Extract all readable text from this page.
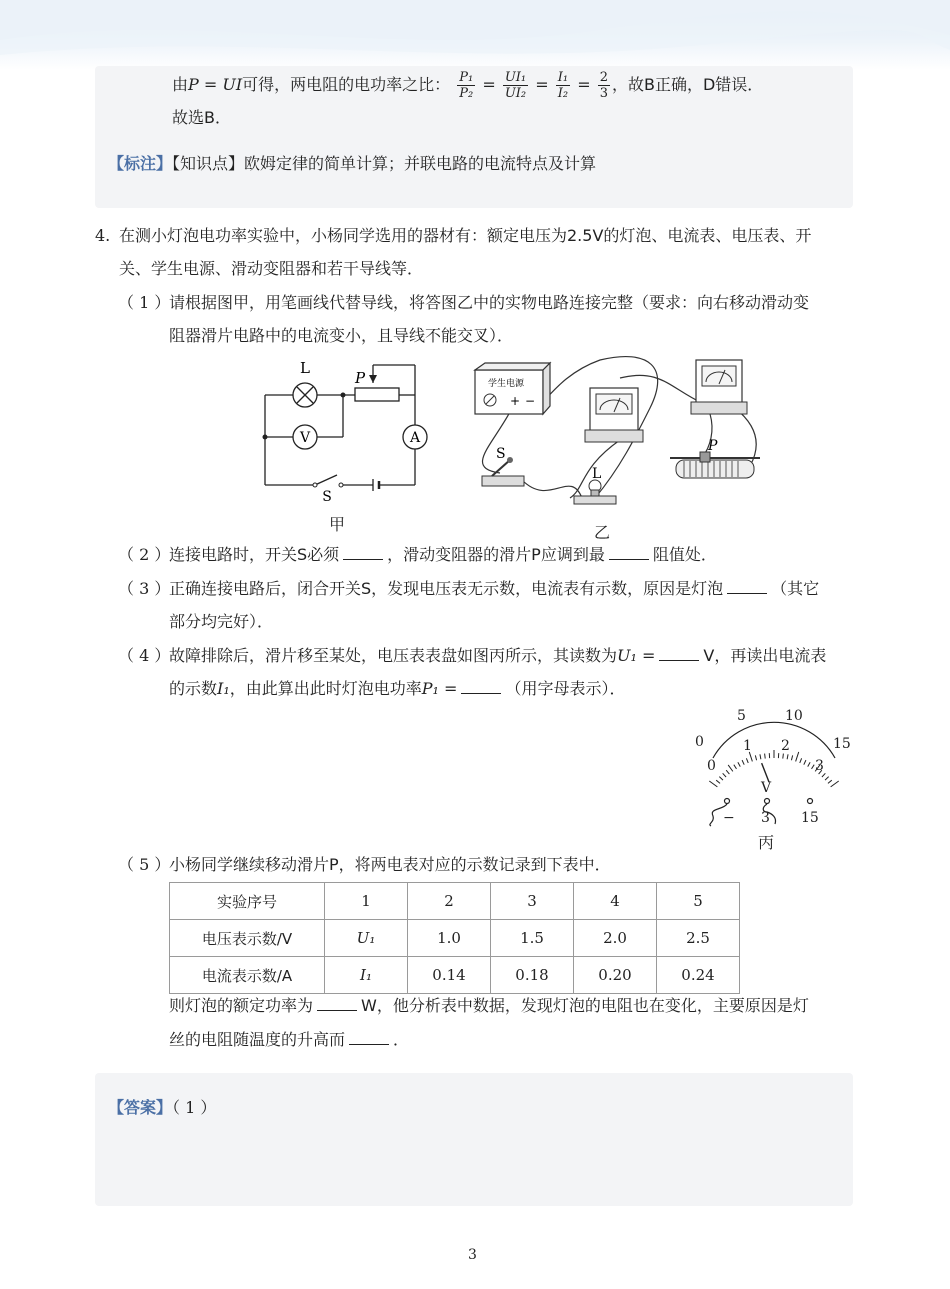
由P = UI可得，两电阻的电功率之比： $\frac{\text{P₁}}{\text{P₂}} = \frac{\text{UI₁}}{\text{UI₂}} = \frac{\text{I₁}}{\text{I₂}} = \frac{2}{3}$ ，故B正确，D错误．
故选B．
【标注】【知识点】欧姆定律的简单计算；并联电路的电流特点及计算
4. 在测小灯泡电功率实验中，小杨同学选用的器材有：额定电压为2.5V的灯泡、电流表、电压表、开
关、学生电源、滑动变阻器和若干导线等．
（ 1 ）
请根据图甲，用笔画线代替导线，将答图乙中的实物电路连接完整（要求：向右移动滑动变
阻器滑片电路中的电流变小，且导线不能交叉）．
L
P
V	A
S
甲
学生电源
+ −
S
L
P
乙
（ 2 ）
连接电路时，开关S必须	，滑动变阻器的滑片P应调到最	阻值处．
（ 3 ）
正确连接电路后，闭合开关S，发现电压表无示数，电流表有示数，原因是灯泡	（其它
部分均完好）．
（ 4 ）
故障排除后，滑片移至某处，电压表表盘如图丙所示，其读数为U₁ =	V，再读出电流表
的示数I₁，由此算出此时灯泡电功率P₁ =	（用字母表示）．
0
5	10
15
0
1 2
3
V
− 3 15
丙
（ 5 ）
小杨同学继续移动滑片P，将两电表对应的示数记录到下表中．
实验序号	1	2	3	4	5
电压表示数/V	U₁	1.0	1.5	2.0	2.5
电流表示数/A	I₁	0.14	0.18	0.20	0.24
则灯泡的额定功率为	W，他分析表中数据，发现灯泡的电阻也在变化，主要原因是灯
丝的电阻随温度的升高而	．
【答案】（ 1 ）
3
